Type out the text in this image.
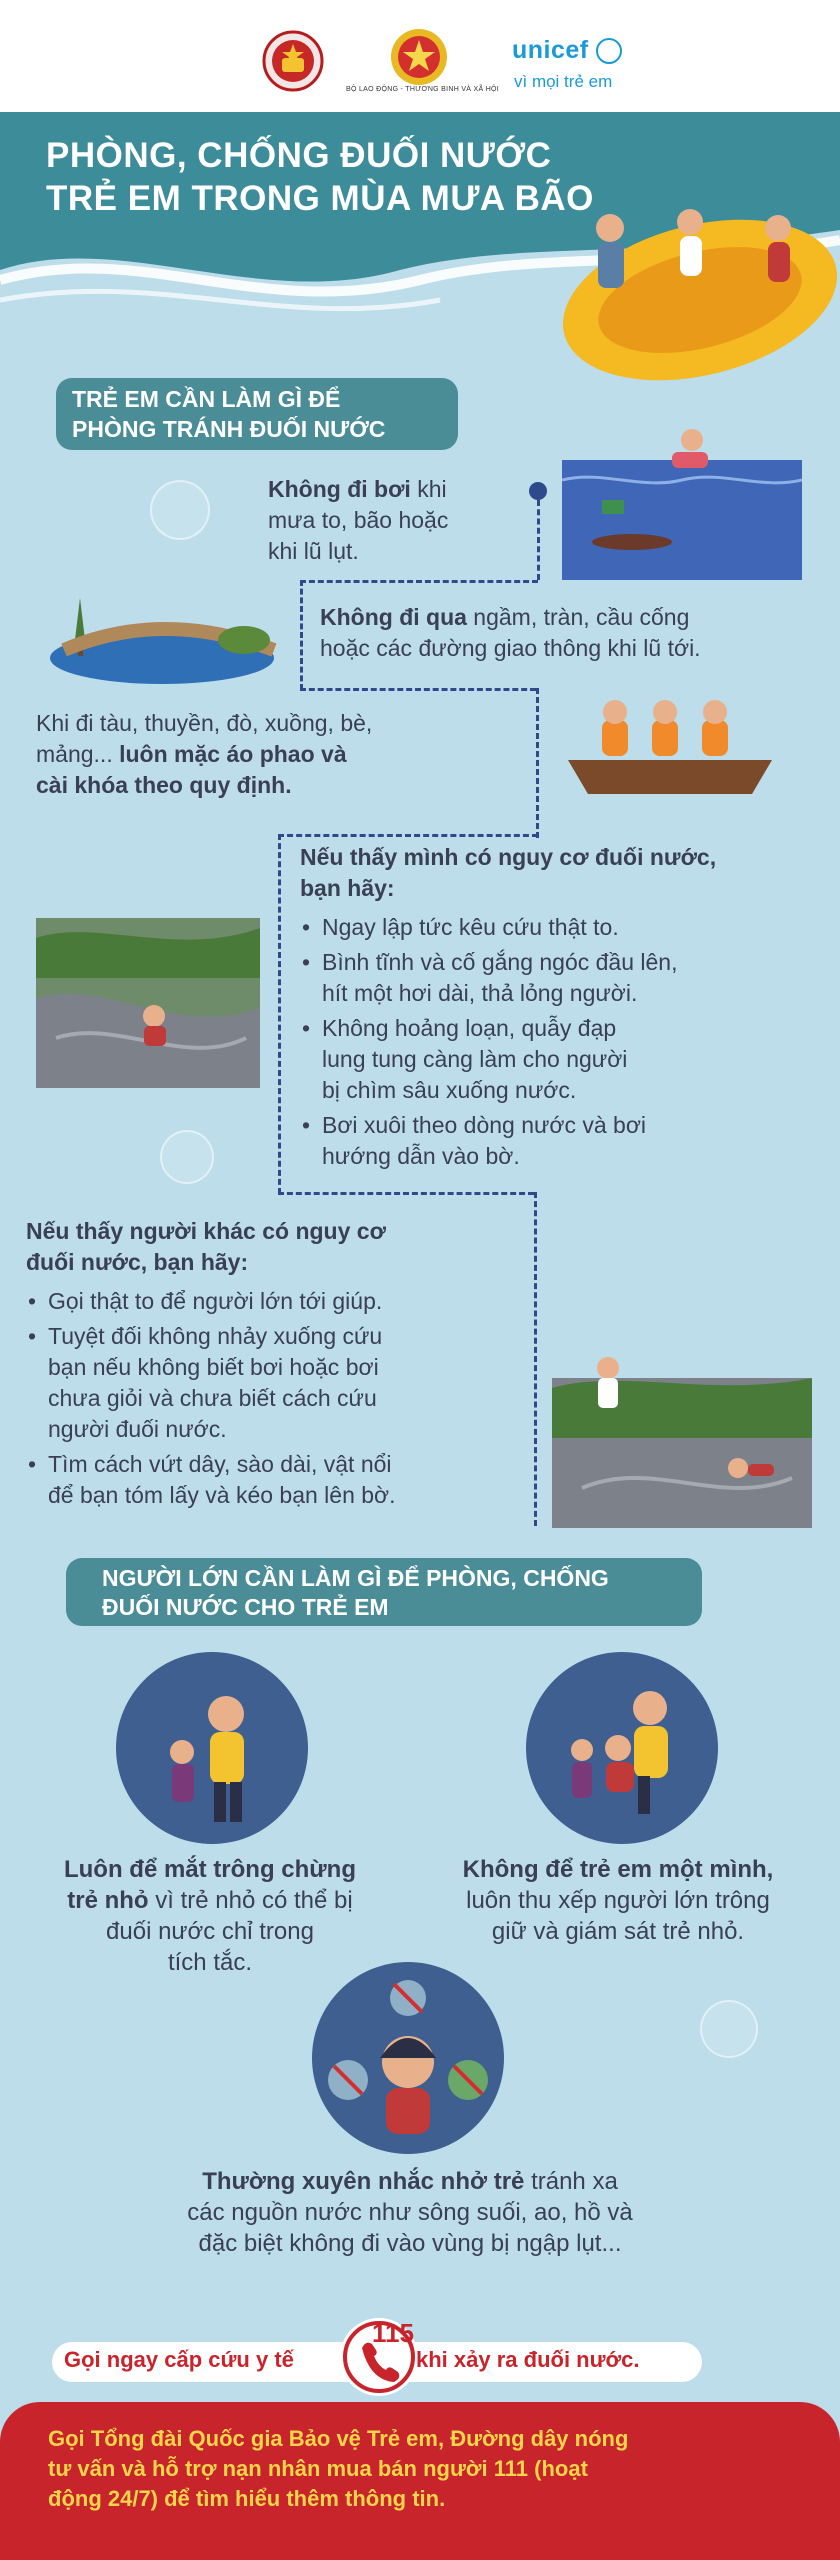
BỘ LAO ĐỘNG - THƯƠNG BINH VÀ XÃ HỘI
unicef
vì mọi trẻ em
PHÒNG, CHỐNG ĐUỐI NƯỚC
TRẺ EM TRONG MÙA MƯA BÃO
TRẺ EM CẦN LÀM GÌ ĐỂ
PHÒNG TRÁNH ĐUỐI NƯỚC
Không đi bơi khi
mưa to, bão hoặc
khi lũ lụt.
Không đi qua ngầm, tràn, cầu cống
hoặc các đường giao thông khi lũ tới.
Khi đi tàu, thuyền, đò, xuồng, bè,
mảng... luôn mặc áo phao và
cài khóa theo quy định.
Nếu thấy mình có nguy cơ đuối nước,
bạn hãy:
• Ngay lập tức kêu cứu thật to.
• Bình tĩnh và cố gắng ngóc đầu lên,
hít một hơi dài, thả lỏng người.
• Không hoảng loạn, quẫy đạp
lung tung càng làm cho người
bị chìm sâu xuống nước.
• Bơi xuôi theo dòng nước và bơi
hướng dẫn vào bờ.
Nếu thấy người khác có nguy cơ
đuối nước, bạn hãy:
• Gọi thật to để người lớn tới giúp.
• Tuyệt đối không nhảy xuống cứu
bạn nếu không biết bơi hoặc bơi
chưa giỏi và chưa biết cách cứu
người đuối nước.
• Tìm cách vứt dây, sào dài, vật nổi
để bạn tóm lấy và kéo bạn lên bờ.
NGƯỜI LỚN CẦN LÀM GÌ ĐỂ PHÒNG, CHỐNG
ĐUỐI NƯỚC CHO TRẺ EM
Luôn để mắt trông chừng
trẻ nhỏ vì trẻ nhỏ có thể bị
đuối nước chỉ trong
tích tắc.
Không để trẻ em một mình,
luôn thu xếp người lớn trông
giữ và giám sát trẻ nhỏ.
Thường xuyên nhắc nhở trẻ tránh xa
các nguồn nước như sông suối, ao, hồ và
đặc biệt không đi vào vùng bị ngập lụt...
Gọi ngay cấp cứu y tế
115
khi xảy ra đuối nước.
Gọi Tổng đài Quốc gia Bảo vệ Trẻ em, Đường dây nóng
tư vấn và hỗ trợ nạn nhân mua bán người 111 (hoạt
động 24/7) để tìm hiểu thêm thông tin.
